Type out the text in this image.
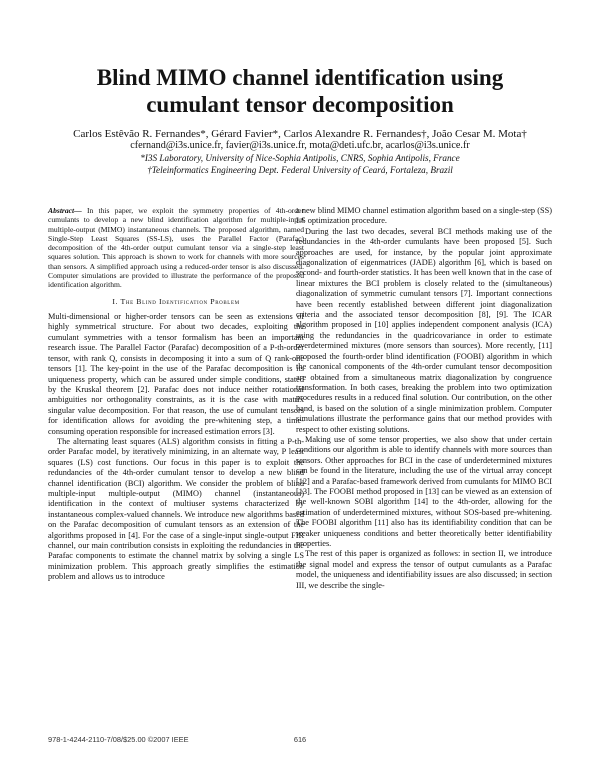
Blind MIMO channel identification using
cumulant tensor decomposition
Carlos Estêvão R. Fernandes*, Gérard Favier*, Carlos Alexandre R. Fernandes†, João Cesar M. Mota†
cfernand@i3s.unice.fr, favier@i3s.unice.fr, mota@deti.ufc.br, acarlos@i3s.unice.fr
*I3S Laboratory, University of Nice-Sophia Antipolis, CNRS, Sophia Antipolis, France
†Teleinformatics Engineering Dept. Federal University of Ceará, Fortaleza, Brazil

Abstract— In this paper, we exploit the symmetry properties of 4th-order cumulants to develop a new blind identification algorithm for multiple-input multiple-output (MIMO) instantaneous channels. The proposed algorithm, named Single-Step Least Squares (SS-LS), uses the Parallel Factor (Parafac) decomposition of the 4th-order output cumulant tensor via a single-step least squares solution. This approach is shown to work for channels with more sources than sensors. A simplified approach using a reduced-order tensor is also discussed. Computer simulations are provided to illustrate the performance of the proposed identification algorithm.

I. The Blind Identification Problem

Multi-dimensional or higher-order tensors can be seen as extensions of highly symmetrical structure. For about two decades, exploiting the cumulant symmetries with a tensor formalism has been an important research issue. The Parallel Factor (Parafac) decomposition of a P-th-order tensor, with rank Q, consists in decomposing it into a sum of Q rank-one tensors [1]. The key-point in the use of the Parafac decomposition is its uniqueness property, which can be assured under simple conditions, stated by the Kruskal theorem [2]. Parafac does not induce neither rotational ambiguities nor orthogonality constraints, as it is the case with matrix singular value decomposition. For that reason, the use of cumulant tensors for identification allows for avoiding the pre-whitening step, a time-consuming operation responsible for increased estimation errors [3].

The alternating least squares (ALS) algorithm consists in fitting a P-th-order Parafac model, by iteratively minimizing, in an alternate way, P least squares (LS) cost functions. Our focus in this paper is to exploit the redundancies of the 4th-order cumulant tensor to develop a new blind channel identification (BCI) algorithm. We consider the problem of blind multiple-input multiple-output (MIMO) channel (instantaneous) identification in the context of multiuser systems characterized by instantaneous complex-valued channels. We introduce new algorithms based on the Parafac decomposition of cumulant tensors as an extension of the algorithms proposed in [4]. For the case of a single-input single-output FIR channel, our main contribution consists in exploiting the redundancies in the Parafac components to estimate the channel matrix by solving a single LS minimization problem. This approach greatly simplifies the estimation problem and allows us to introduce

a new blind MIMO channel estimation algorithm based on a single-step (SS) LS optimization procedure.

During the last two decades, several BCI methods making use of the redundancies in the 4th-order cumulants have been proposed [5]. Such approaches are used, for instance, by the popular joint approximate diagonalization of eigenmatrices (JADE) algorithm [6], which is based on second- and fourth-order statistics. It has been well known that in the case of linear mixtures the BCI problem is closely related to the (simultaneous) diagonalization of symmetric cumulant tensors [7]. Important connections have been recently established between different joint diagonalization criteria and the associated tensor decomposition [8], [9]. The ICAR algorithm proposed in [10] applies independent component analysis (ICA) using the redundancies in the quadricovariance in order to estimate overdetermined mixtures (more sensors than sources). More recently, [11] proposed the fourth-order blind identification (FOOBI) algorithm in which the canonical components of the 4th-order cumulant tensor decomposition are obtained from a simultaneous matrix diagonalization by congruence transformation. In both cases, breaking the problem into two optimization procedures results in a reduced final solution. Our contribution, on the other hand, is based on the solution of a single minimization problem. Computer simulations illustrate the performance gains that our method provides with respect to other existing solutions.

Making use of some tensor properties, we also show that under certain conditions our algorithm is able to identify channels with more sources than sensors. Other approaches for BCI in the case of underdetermined mixtures can be found in the literature, including the use of the virtual array concept [12] and a Parafac-based framework derived from cumulants for MIMO BCI [13]. The FOOBI method proposed in [13] can be viewed as an extension of the well-known SOBI algorithm [14] to the 4th-order, allowing for the estimation of underdetermined mixtures, without SOS-based pre-whitening. The FOOBI algorithm [11] also has its identifiability condition that can be weaker uniqueness conditions and better theoretically better identifiability properties.

The rest of this paper is organized as follows: in section II, we introduce the signal model and express the tensor of output cumulants as a Parafac model, the uniqueness and identifiability issues are also discussed; in section III, we describe the single-

978-1-4244-2110-7/08/$25.00 ©2007 IEEE	616
